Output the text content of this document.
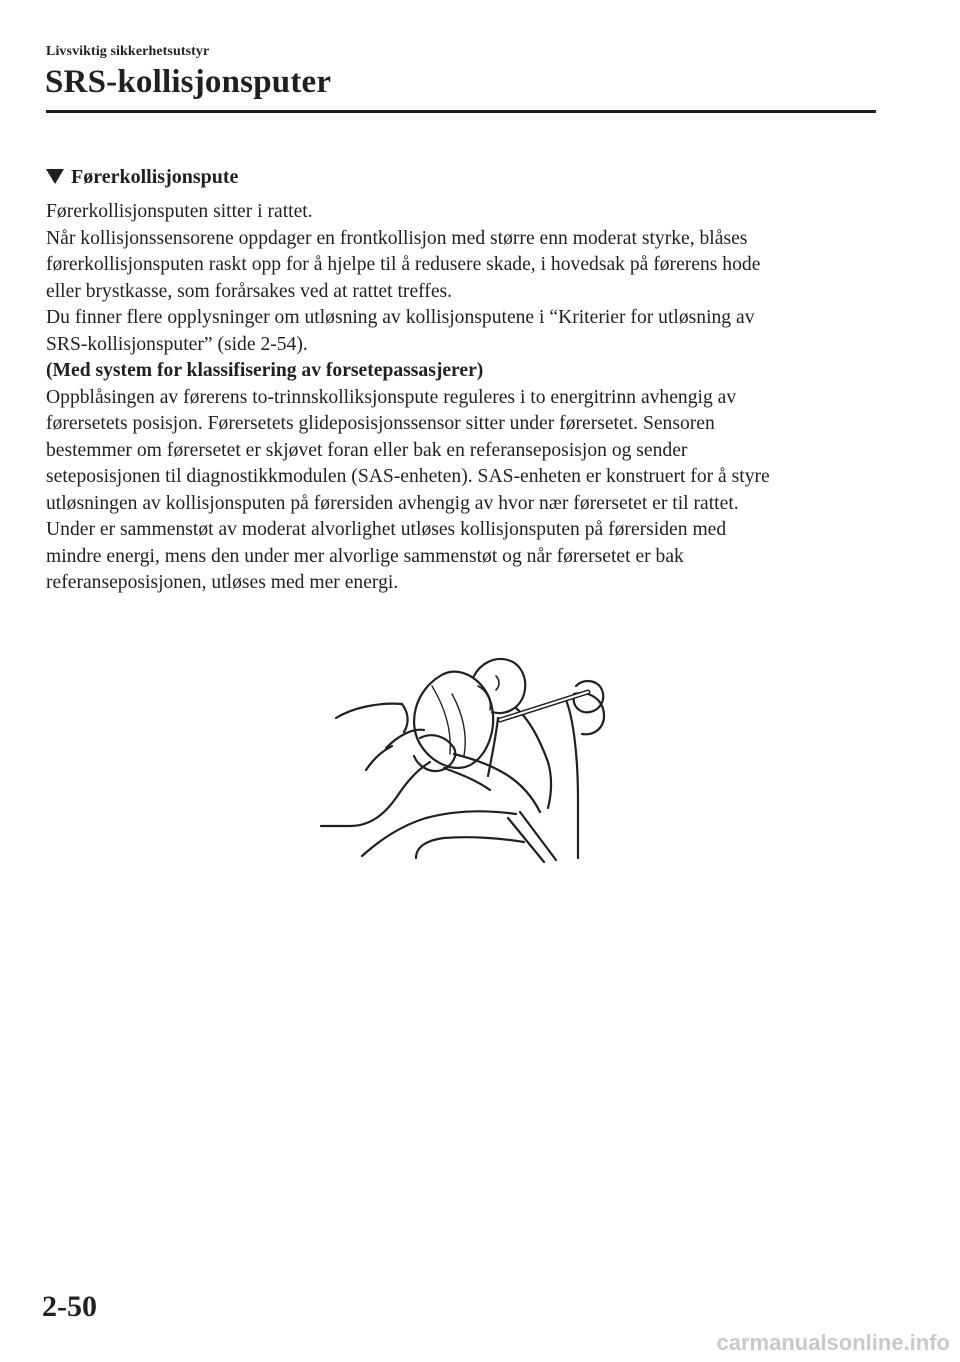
Livsviktig sikkerhetsutstyr
SRS-kollisjonsputer
Førerkollisjonspute
Førerkollisjonsputen sitter i rattet.
Når kollisjonssensorene oppdager en frontkollisjon med større enn moderat styrke, blåses
førerkollisjonsputen raskt opp for å hjelpe til å redusere skade, i hovedsak på førerens hode
eller brystkasse, som forårsakes ved at rattet treffes.
Du finner flere opplysninger om utløsning av kollisjonsputene i “Kriterier for utløsning av
SRS-kollisjonsputer” (side 2-54).
(Med system for klassifisering av forsetepassasjerer)
Oppblåsingen av førerens to-trinnskolliksjonspute reguleres i to energitrinn avhengig av
førersetets posisjon. Førersetets glideposisjonssensor sitter under førersetet. Sensoren
bestemmer om førersetet er skjøvet foran eller bak en referanseposisjon og sender
seteposisjonen til diagnostikkmodulen (SAS-enheten). SAS-enheten er konstruert for å styre
utløsningen av kollisjonsputen på førersiden avhengig av hvor nær førersetet er til rattet.
Under er sammenstøt av moderat alvorlighet utløses kollisjonsputen på førersiden med
mindre energi, mens den under mer alvorlige sammenstøt og når førersetet er bak
referanseposisjonen, utløses med mer energi.
2-50
carmanualsonline.info
